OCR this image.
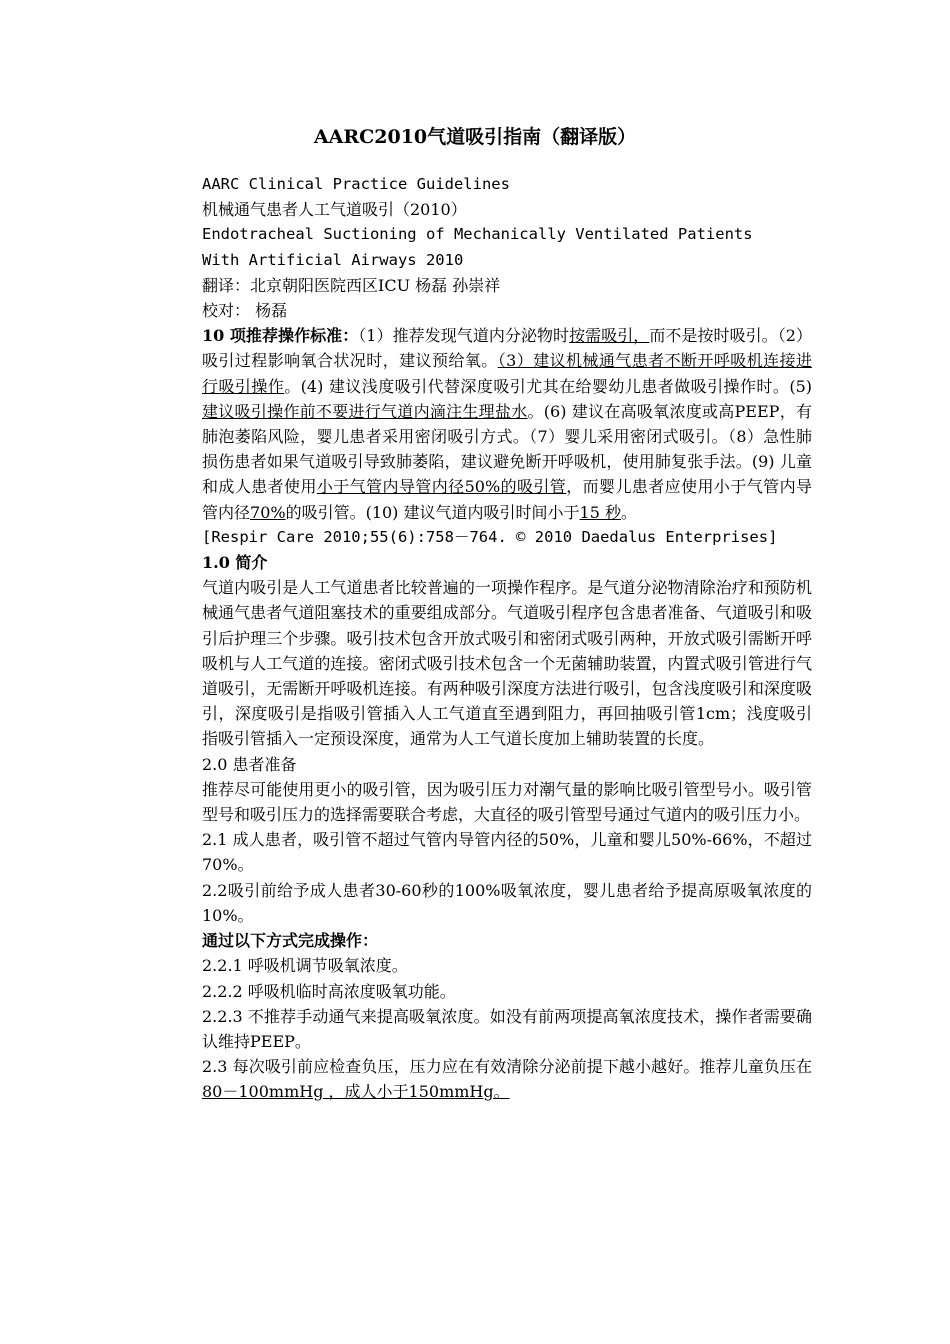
AARC2010气道吸引指南（翻译版）

AARC Clinical Practice Guidelines

机械通气患者人工气道吸引（2010）

Endotracheal Suctioning of Mechanically Ventilated Patients

With Artificial Airways 2010

翻译：北京朝阳医院西区ICU 杨磊 孙崇祥

校对： 杨磊

10 项推荐操作标准：（1）推荐发现气道内分泌物时按需吸引，而不是按时吸引。（2）吸引过程影响氧合状况时，建议预给氧。（3）建议机械通气患者不断开呼吸机连接进行吸引操作。(4) 建议浅度吸引代替深度吸引尤其在给婴幼儿患者做吸引操作时。(5) 建议吸引操作前不要进行气道内滴注生理盐水。(6) 建议在高吸氧浓度或高PEEP，有肺泡萎陷风险，婴儿患者采用密闭吸引方式。（7）婴儿采用密闭式吸引。（8）急性肺损伤患者如果气道吸引导致肺萎陷，建议避免断开呼吸机，使用肺复张手法。(9) 儿童和成人患者使用小于气管内导管内径50%的吸引管，而婴儿患者应使用小于气管内导管内径70%的吸引管。(10) 建议气道内吸引时间小于15 秒。

[Respir Care 2010;55(6):758－764. © 2010 Daedalus Enterprises]

1.0 简介

气道内吸引是人工气道患者比较普遍的一项操作程序。是气道分泌物清除治疗和预防机械通气患者气道阻塞技术的重要组成部分。气道吸引程序包含患者准备、气道吸引和吸引后护理三个步骤。吸引技术包含开放式吸引和密闭式吸引两种，开放式吸引需断开呼吸机与人工气道的连接。密闭式吸引技术包含一个无菌辅助装置，内置式吸引管进行气道吸引，无需断开呼吸机连接。有两种吸引深度方法进行吸引，包含浅度吸引和深度吸引，深度吸引是指吸引管插入人工气道直至遇到阻力，再回抽吸引管1cm；浅度吸引指吸引管插入一定预设深度，通常为人工气道长度加上辅助装置的长度。

2.0 患者准备

推荐尽可能使用更小的吸引管，因为吸引压力对潮气量的影响比吸引管型号小。吸引管型号和吸引压力的选择需要联合考虑，大直径的吸引管型号通过气道内的吸引压力小。

2.1 成人患者，吸引管不超过气管内导管内径的50%，儿童和婴儿50%-66%，不超过70%。

2.2吸引前给予成人患者30-60秒的100%吸氧浓度，婴儿患者给予提高原吸氧浓度的10%。

通过以下方式完成操作：

2.2.1 呼吸机调节吸氧浓度。

2.2.2 呼吸机临时高浓度吸氧功能。

2.2.3 不推荐手动通气来提高吸氧浓度。如没有前两项提高氧浓度技术，操作者需要确认维持PEEP。

2.3 每次吸引前应检查负压，压力应在有效清除分泌前提下越小越好。推荐儿童负压在80－100mmHg ，成人小于150mmHg。
